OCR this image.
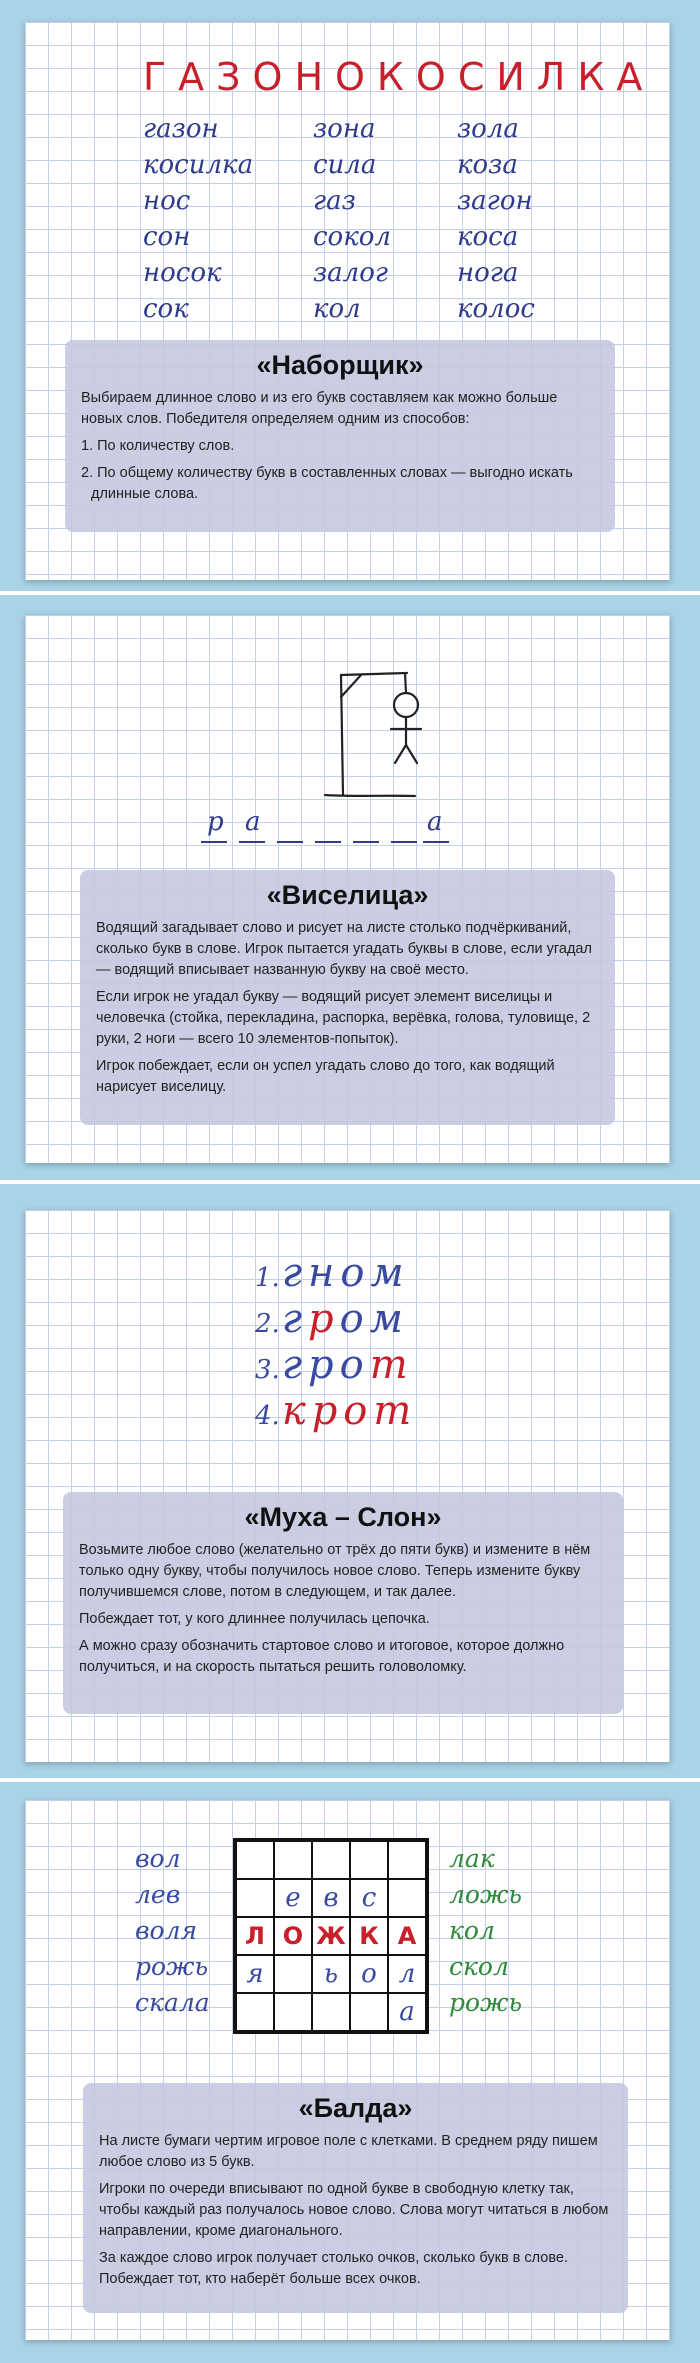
ГАЗОНОКОСИЛКА
газон
косилка
нос
сон
носок
сок
зона
сила
газ
сокол
залог
кол
зола
коза
загон
коса
нога
колос
«Наборщик»

Выбираем длинное слово и из его букв составляем как можно больше новых слов. Победителя определяем одним из способов:

1. По количеству слов.

2. По общему количеству букв в составленных словах — выгодно искать длинные слова.

р а	а
«Виселица»

Водящий загадывает слово и рисует на листе столько подчёркиваний, сколько букв в слове. Игрок пытается угадать буквы в слове, если угадал — водящий вписывает названную букву на своё место.

Если игрок не угадал букву — водящий рисует элемент виселицы и человечка (стойка, перекладина, распорка, верёвка, голова, туловище, 2 руки, 2 ноги — всего 10 элементов-попыток).

Игрок побеждает, если он успел угадать слово до того, как водящий нарисует виселицу.

1.гном
2.гром
3.грот
4.крот
«Муха – Слон»

Возьмите любое слово (желательно от трёх до пяти букв) и измените в нём только одну букву, чтобы получилось новое слово. Теперь измените букву получившемся слове, потом в следующем, и так далее.

Побеждает тот, у кого длиннее получилась цепочка.

А можно сразу обозначить стартовое слово и итоговое, которое должно получиться, и на скорость пытаться решить головоломку.

вол
лев
воля
рожь
скала
е в с
Л О Ж К А
я	ь о л
а
лак
ложь
кол
скол
рожь
«Балда»

На листе бумаги чертим игровое поле с клетками. В среднем ряду пишем любое слово из 5 букв.

Игроки по очереди вписывают по одной букве в свободную клетку так, чтобы каждый раз получалось новое слово. Слова могут читаться в любом направлении, кроме диагонального.

За каждое слово игрок получает столько очков, сколько букв в слове. Побеждает тот, кто наберёт больше всех очков.
